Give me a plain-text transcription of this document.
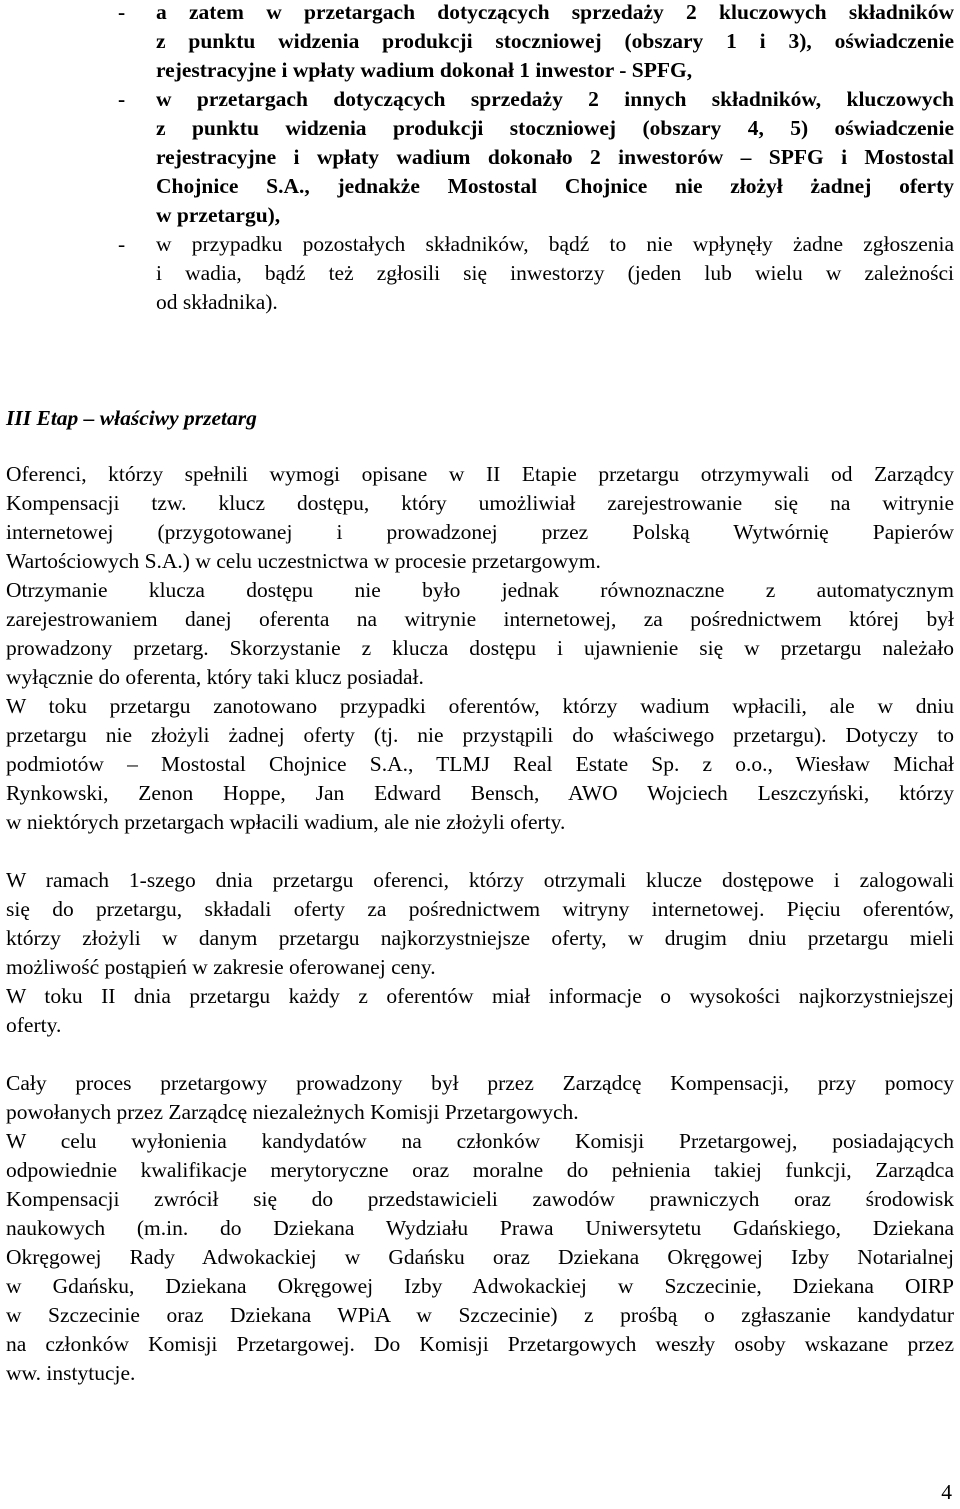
- a zatem w przetargach dotyczących sprzedaży 2 kluczowych składników
z punktu widzenia produkcji stoczniowej (obszary 1 i 3), oświadczenie
rejestracyjne i wpłaty wadium dokonał 1 inwestor - SPFG,
- w przetargach dotyczących sprzedaży 2 innych składników, kluczowych
z punktu widzenia produkcji stoczniowej (obszary 4, 5) oświadczenie
rejestracyjne i wpłaty wadium dokonało 2 inwestorów – SPFG i Mostostal
Chojnice S.A., jednakże Mostostal Chojnice nie złożył żadnej oferty
w przetargu),
- w przypadku pozostałych składników, bądź to nie wpłynęły żadne zgłoszenia
i wadia, bądź też zgłosili się inwestorzy (jeden lub wielu w zależności
od składnika).
III Etap – właściwy przetarg
Oferenci, którzy spełnili wymogi opisane w II Etapie przetargu otrzymywali od Zarządcy
Kompensacji tzw. klucz dostępu, który umożliwiał zarejestrowanie się na witrynie
internetowej (przygotowanej i prowadzonej przez Polską Wytwórnię Papierów
Wartościowych S.A.) w celu uczestnictwa w procesie przetargowym.
Otrzymanie klucza dostępu nie było jednak równoznaczne z automatycznym
zarejestrowaniem danej oferenta na witrynie internetowej, za pośrednictwem której był
prowadzony przetarg. Skorzystanie z klucza dostępu i ujawnienie się w przetargu należało
wyłącznie do oferenta, który taki klucz posiadał.
W toku przetargu zanotowano przypadki oferentów, którzy wadium wpłacili, ale w dniu
przetargu nie złożyli żadnej oferty (tj. nie przystąpili do właściwego przetargu). Dotyczy to
podmiotów – Mostostal Chojnice S.A., TLMJ Real Estate Sp. z o.o., Wiesław Michał
Rynkowski, Zenon Hoppe, Jan Edward Bensch, AWO Wojciech Leszczyński, którzy
w niektórych przetargach wpłacili wadium, ale nie złożyli oferty.
W ramach 1-szego dnia przetargu oferenci, którzy otrzymali klucze dostępowe i zalogowali
się do przetargu, składali oferty za pośrednictwem witryny internetowej. Pięciu oferentów,
którzy złożyli w danym przetargu najkorzystniejsze oferty, w drugim dniu przetargu mieli
możliwość postąpień w zakresie oferowanej ceny.
W toku II dnia przetargu każdy z oferentów miał informacje o wysokości najkorzystniejszej
oferty.
Cały proces przetargowy prowadzony był przez Zarządcę Kompensacji, przy pomocy
powołanych przez Zarządcę niezależnych Komisji Przetargowych.
W celu wyłonienia kandydatów na członków Komisji Przetargowej, posiadających
odpowiednie kwalifikacje merytoryczne oraz moralne do pełnienia takiej funkcji, Zarządca
Kompensacji zwrócił się do przedstawicieli zawodów prawniczych oraz środowisk
naukowych (m.in. do Dziekana Wydziału Prawa Uniwersytetu Gdańskiego, Dziekana
Okręgowej Rady Adwokackiej w Gdańsku oraz Dziekana Okręgowej Izby Notarialnej
w Gdańsku, Dziekana Okręgowej Izby Adwokackiej w Szczecinie, Dziekana OIRP
w Szczecinie oraz Dziekana WPiA w Szczecinie) z prośbą o zgłaszanie kandydatur
na członków Komisji Przetargowej. Do Komisji Przetargowych weszły osoby wskazane przez
ww. instytucje.
4
